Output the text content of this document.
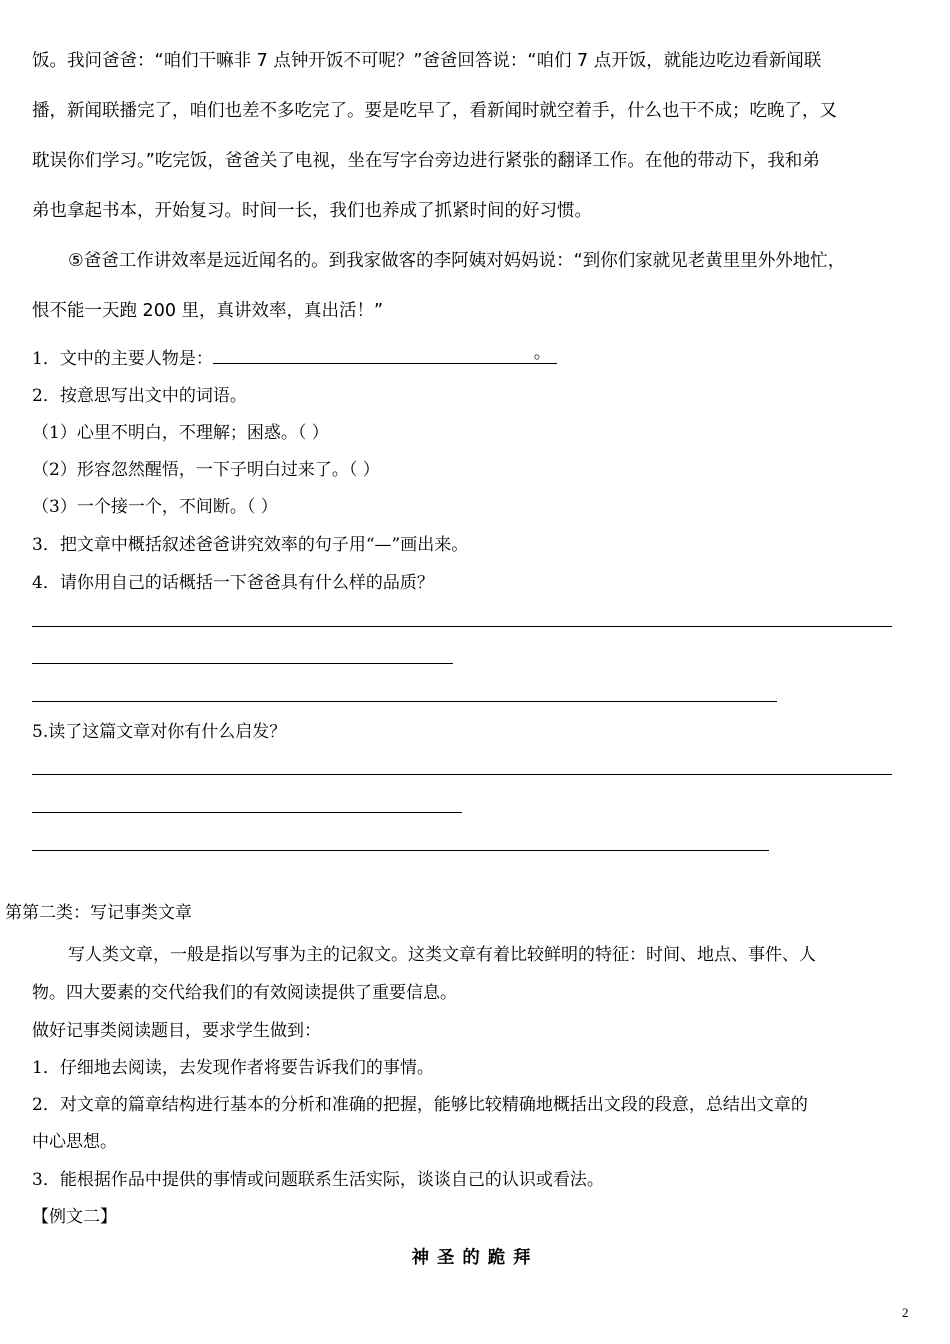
饭。我问爸爸：“咱们干嘛非 7 点钟开饭不可呢？”爸爸回答说：“咱们 7 点开饭，就能边吃边看新闻联
播，新闻联播完了，咱们也差不多吃完了。要是吃早了，看新闻时就空着手，什么也干不成；吃晚了，又
耽误你们学习。”吃完饭，爸爸关了电视，坐在写字台旁边进行紧张的翻译工作。在他的带动下，我和弟
弟也拿起书本，开始复习。时间一长，我们也养成了抓紧时间的好习惯。
⑤爸爸工作讲效率是远近闻名的。到我家做客的李阿姨对妈妈说：“到你们家就见老黄里里外外地忙，
恨不能一天跑 200 里，真讲效率，真出活！”
1．文中的主要人物是：	。
2．按意思写出文中的词语。
（1）心里不明白，不理解；困惑。（ ）
（2）形容忽然醒悟，一下子明白过来了。（ ）
（3）一个接一个，不间断。（ ）
3．把文章中概括叙述爸爸讲究效率的句子用“—”画出来。
4．请你用自己的话概括一下爸爸具有什么样的品质？
5.读了这篇文章对你有什么启发？
第第二类：写记事类文章
写人类文章，一般是指以写事为主的记叙文。这类文章有着比较鲜明的特征：时间、地点、事件、人
物。四大要素的交代给我们的有效阅读提供了重要信息。
做好记事类阅读题目，要求学生做到：
1．仔细地去阅读，去发现作者将要告诉我们的事情。
2．对文章的篇章结构进行基本的分析和准确的把握，能够比较精确地概括出文段的段意，总结出文章的
中心思想。
3．能根据作品中提供的事情或问题联系生活实际，谈谈自己的认识或看法。
【例文二】
神圣的跪拜
2
